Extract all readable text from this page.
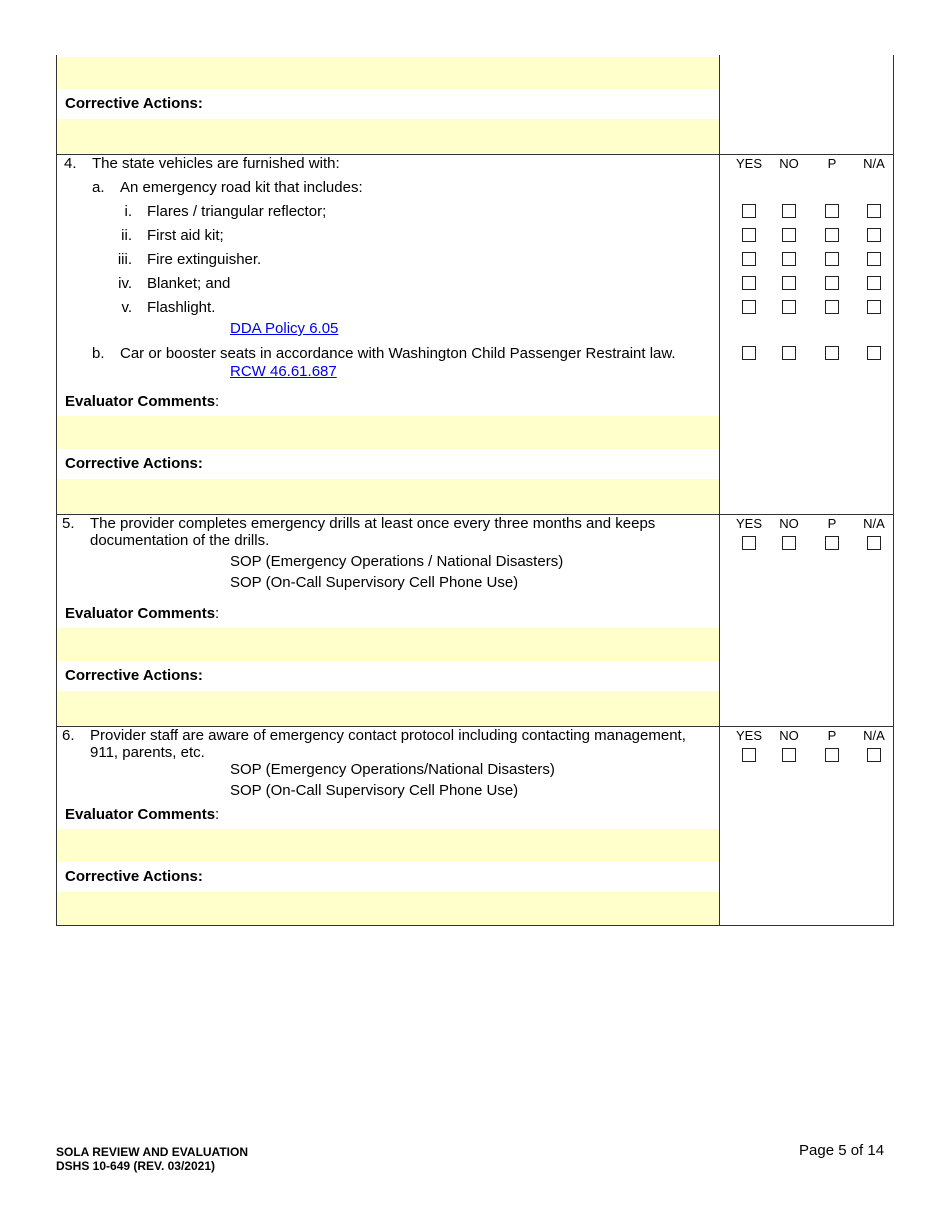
Corrective Actions:
4. The state vehicles are furnished with:	YES	NO	P	N/A
a. An emergency road kit that includes:
i. Flares / triangular reflector;
ii. First aid kit;
iii. Fire extinguisher.
iv. Blanket; and
v. Flashlight.
DDA Policy 6.05
b. Car or booster seats in accordance with Washington Child Passenger Restraint law.
RCW 46.61.687
Evaluator Comments:
Corrective Actions:
5. The provider completes emergency drills at least once every three months and keeps
documentation of the drills.
SOP (Emergency Operations / National Disasters)
SOP (On-Call Supervisory Cell Phone Use)
YES	NO	P	N/A
Evaluator Comments:
Corrective Actions:
6. Provider staff are aware of emergency contact protocol including contacting management,
911, parents, etc.
SOP (Emergency Operations/National Disasters)
SOP (On-Call Supervisory Cell Phone Use)
YES	NO	P	N/A
Evaluator Comments:
Corrective Actions:
SOLA REVIEW AND EVALUATION
DSHS 10-649 (REV. 03/2021)
Page 5 of 14
